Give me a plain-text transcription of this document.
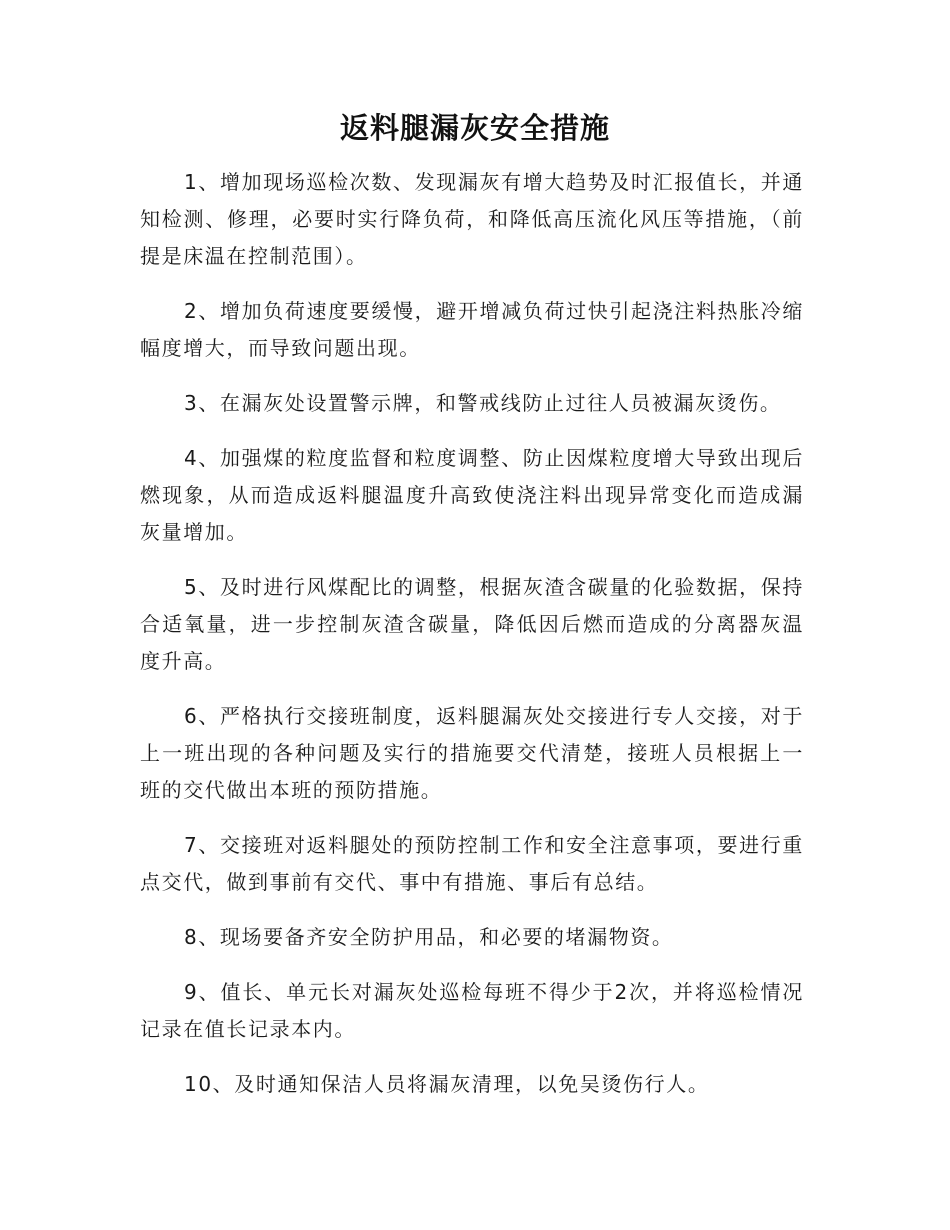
返料腿漏灰安全措施

1、增加现场巡检次数、发现漏灰有增大趋势及时汇报值长，并通知检测、修理，必要时实行降负荷，和降低高压流化风压等措施，（前提是床温在控制范围）。

2、增加负荷速度要缓慢，避开增减负荷过快引起浇注料热胀冷缩幅度增大，而导致问题出现。

3、在漏灰处设置警示牌，和警戒线防止过往人员被漏灰烫伤。

4、加强煤的粒度监督和粒度调整、防止因煤粒度增大导致出现后燃现象，从而造成返料腿温度升高致使浇注料出现异常变化而造成漏灰量增加。

5、及时进行风煤配比的调整，根据灰渣含碳量的化验数据，保持合适氧量，进一步控制灰渣含碳量，降低因后燃而造成的分离器灰温度升高。

6、严格执行交接班制度，返料腿漏灰处交接进行专人交接，对于上一班出现的各种问题及实行的措施要交代清楚，接班人员根据上一班的交代做出本班的预防措施。

7、交接班对返料腿处的预防控制工作和安全注意事项，要进行重点交代，做到事前有交代、事中有措施、事后有总结。

8、现场要备齐安全防护用品，和必要的堵漏物资。

9、值长、单元长对漏灰处巡检每班不得少于2次，并将巡检情况记录在值长记录本内。

10、及时通知保洁人员将漏灰清理，以免吴烫伤行人。
